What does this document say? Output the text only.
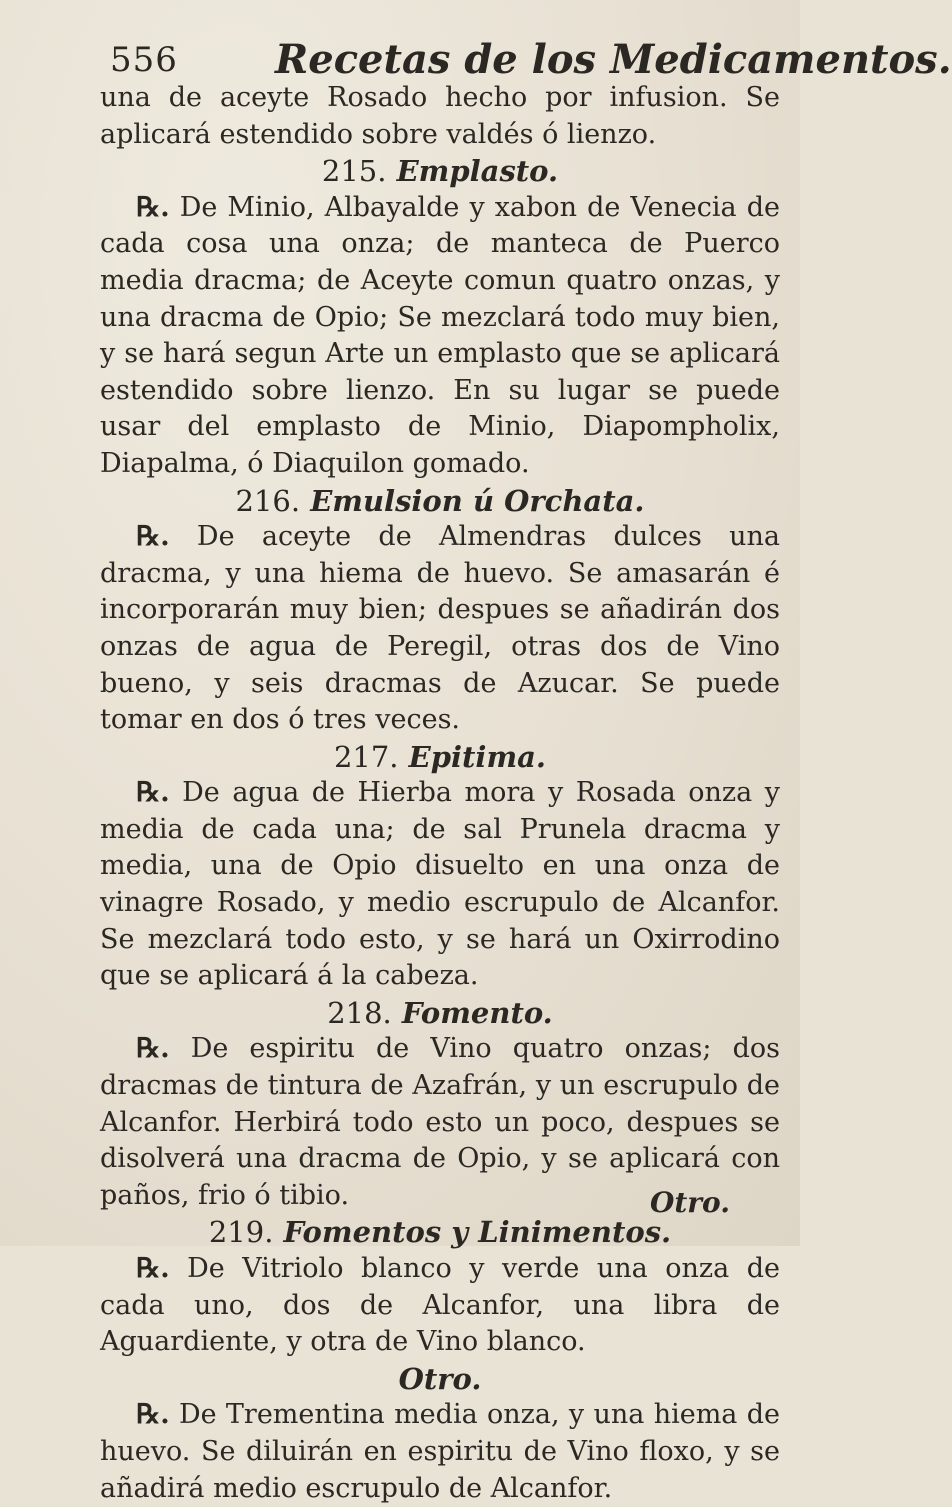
556 Recetas de los Medicamentos.

una de aceyte Rosado hecho por infusion. Se aplicará estendido sobre valdés ó lienzo.

215. Emplasto.

℞. De Minio, Albayalde y xabon de Venecia de cada cosa una onza; de manteca de Puerco media dracma; de Aceyte comun quatro onzas, y una dracma de Opio; Se mezclará todo muy bien, y se hará segun Arte un emplasto que se aplicará estendido sobre lienzo. En su lugar se puede usar del emplasto de Minio, Diapompholix, Diapalma, ó Diaquilon gomado.

216. Emulsion ú Orchata.

℞. De aceyte de Almendras dulces una dracma, y una hiema de huevo. Se amasarán é incorporarán muy bien; despues se añadirán dos onzas de agua de Peregil, otras dos de Vino bueno, y seis dracmas de Azucar. Se puede tomar en dos ó tres veces.

217. Epitima.

℞. De agua de Hierba mora y Rosada onza y media de cada una; de sal Prunela dracma y media, una de Opio disuelto en una onza de vinagre Rosado, y medio escrupulo de Alcanfor. Se mezclará todo esto, y se hará un Oxirrodino que se aplicará á la cabeza.

218. Fomento.

℞. De espiritu de Vino quatro onzas; dos dracmas de tintura de Azafrán, y un escrupulo de Alcanfor. Herbirá todo esto un poco, despues se disolverá una dracma de Opio, y se aplicará con paños, frio ó tibio.

219. Fomentos y Linimentos.

℞. De Vitriolo blanco y verde una onza de cada uno, dos de Alcanfor, una libra de Aguardiente, y otra de Vino blanco.

Otro.

℞. De Trementina media onza, y una hiema de huevo. Se diluirán en espiritu de Vino floxo, y se añadirá medio escrupulo de Alcanfor.

Otro.
